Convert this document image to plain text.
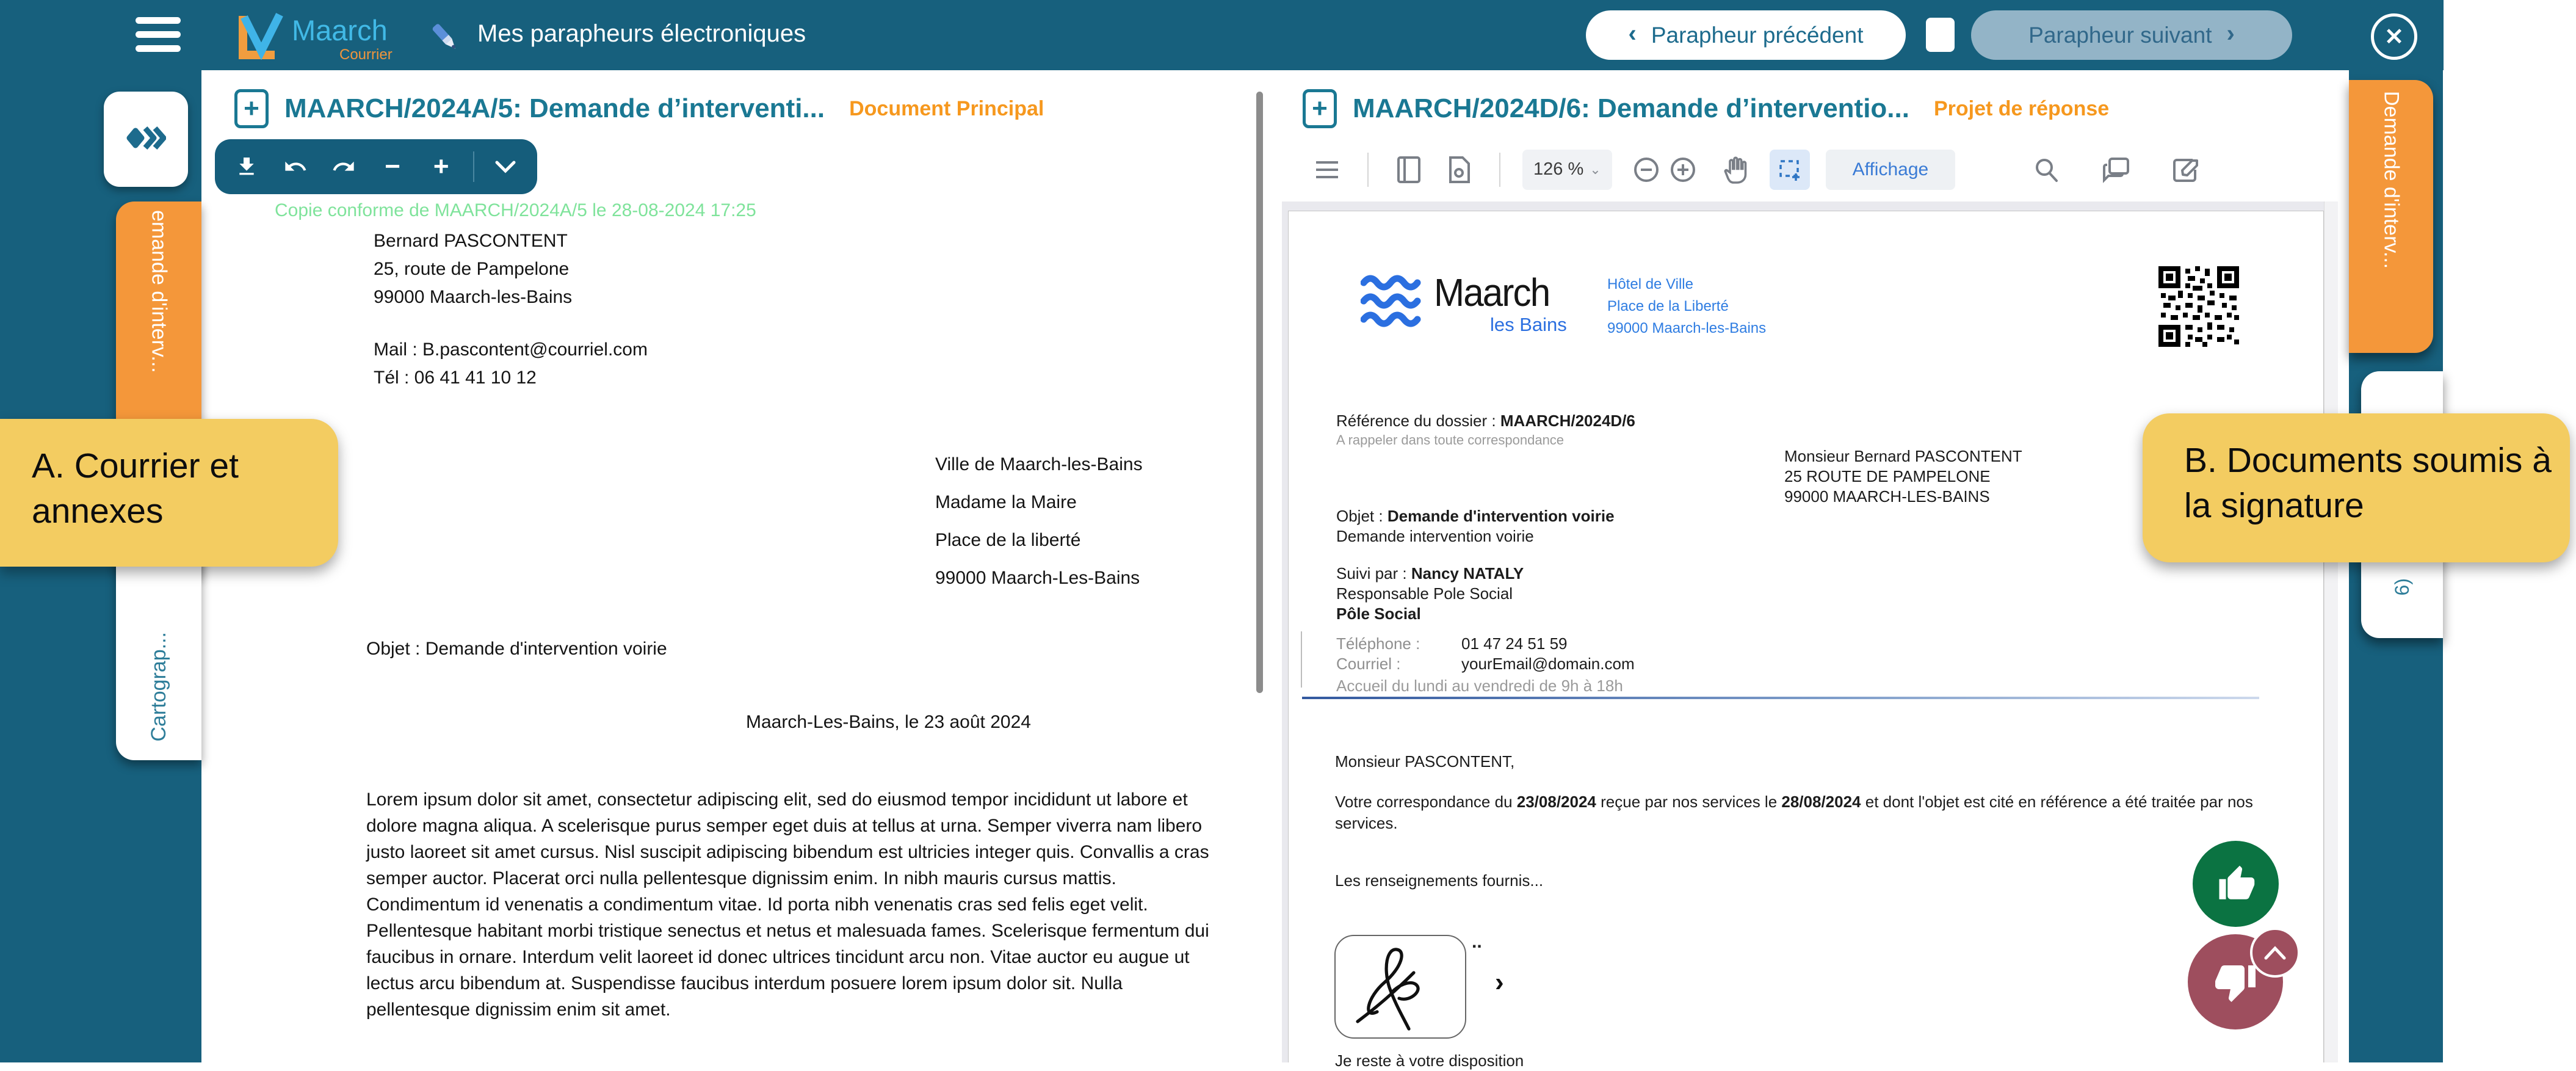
emande d'interv...
Cartograp...
Demande d'interv...
6)
Maarch
Courrier
Mes parapheurs électroniques	‹ Parapheur précédent	Parapheur suivant ›	✕
+ MAARCH/2024A/5: Demande d’interventi... Document Principal
−	+
Copie conforme de MAARCH/2024A/5 le 28-08-2024 17:25
Bernard PASCONTENT
25, route de Pampelone
99000 Maarch-les-Bains
Mail : B.pascontent@courriel.com
Tél : 06 41 41 10 12
Ville de Maarch-les-Bains
Madame la Maire
Place de la liberté
99000 Maarch-Les-Bains
Objet : Demande d'intervention voirie
Maarch-Les-Bains, le 23 août 2024
Lorem ipsum dolor sit amet, consectetur adipiscing elit, sed do eiusmod tempor incididunt ut labore et dolore magna aliqua. A scelerisque purus semper eget duis at tellus at urna. Semper viverra nam libero justo laoreet sit amet cursus. Nisl suscipit adipiscing bibendum est ultricies integer quis. Convallis a cras semper auctor. Placerat orci nulla pellentesque dignissim enim. In nibh mauris cursus mattis. Condimentum id venenatis a condimentum vitae. Id porta nibh venenatis cras sed felis eget velit. Pellentesque habitant morbi tristique senectus et netus et malesuada fames. Scelerisque fermentum dui faucibus in ornare. Interdum velit laoreet id donec ultrices tincidunt arcu non. Vitae auctor eu augue ut lectus arcu bibendum at. Suspendisse faucibus interdum posuere lorem ipsum dolor sit. Nulla pellentesque dignissim enim sit amet.
+ MAARCH/2024D/6: Demande d’interventio... Projet de réponse
126 % ⌄	Affichage
Maarch
les Bains
Hôtel de Ville
Place de la Liberté
99000 Maarch-les-Bains
Référence du dossier : MAARCH/2024D/6
A rappeler dans toute correspondance
Monsieur Bernard PASCONTENT
25 ROUTE DE PAMPELONE
99000 MAARCH-LES-BAINS
Objet : Demande d'intervention voirie
Demande intervention voirie
Suivi par : Nancy NATALY
Responsable Pole Social
Pôle Social
Téléphone :	01 47 24 51 59
Courriel :	yourEmail@domain.com
Accueil du lundi au vendredi de 9h à 18h
Monsieur PASCONTENT,
Votre correspondance du 23/08/2024 reçue par nos services le 28/08/2024 et dont l'objet est cité en référence a été traitée par nos services.
Les renseignements fournis...
..
›
Je reste à votre disposition
A. Courrier et annexes
B. Documents soumis à la signature
